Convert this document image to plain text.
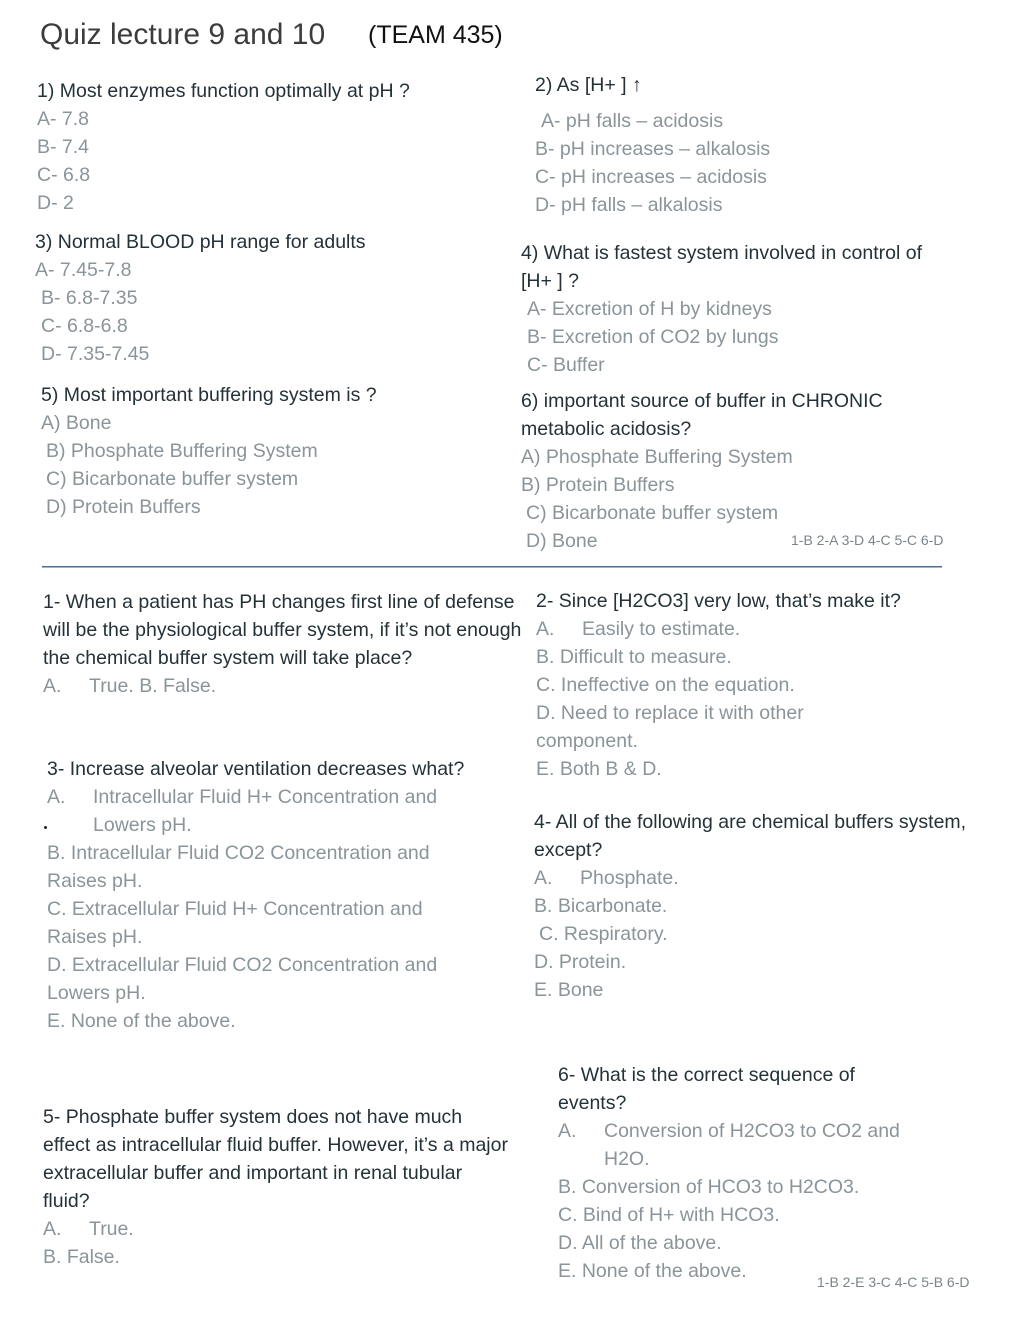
Quiz lecture 9 and 10 (TEAM 435)

1) Most enzymes function optimally at pH ?

A- 7.8

B- 7.4

C- 6.8

D- 2

2) As [H+ ] ↑

A- pH falls – acidosis

B- pH increases – alkalosis

C- pH increases – acidosis

D- pH falls – alkalosis

3) Normal BLOOD pH range for adults

A- 7.45-7.8

B- 6.8-7.35

C- 6.8-6.8

D- 7.35-7.45

4) What is fastest system involved in control of

[H+ ] ?

A- Excretion of H by kidneys

B- Excretion of CO2 by lungs

C- Buffer

5) Most important buffering system is ?

A) Bone

B) Phosphate Buffering System

C) Bicarbonate buffer system

D) Protein Buffers

6) important source of buffer in CHRONIC

metabolic acidosis?

A) Phosphate Buffering System

B) Protein Buffers

C) Bicarbonate buffer system

D) Bone	1-B 2-A 3-D 4-C 5-C 6-D

1- When a patient has PH changes first line of defense will be the physiological buffer system, if it’s not enough the chemical buffer system will take place?

A.	True. B. False.

2- Since [H2CO3] very low, that’s make it?

A.	Easily to estimate.

B. Difficult to measure.

C. Ineffective on the equation.

D. Need to replace it with other component.

E. Both B & D.

3- Increase alveolar ventilation decreases what?

A.	Intracellular Fluid H+ Concentration and Lowers pH.

B. Intracellular Fluid CO2 Concentration and Raises pH.

C. Extracellular Fluid H+ Concentration and Raises pH.

D. Extracellular Fluid CO2 Concentration and Lowers pH.

E. None of the above.

4- All of the following are chemical buffers system, except?

A.	Phosphate.

B. Bicarbonate.

C. Respiratory.

D. Protein.

E. Bone

6- What is the correct sequence of events?

A.	Conversion of H2CO3 to CO2 and H2O.

B. Conversion of HCO3 to H2CO3.

C. Bind of H+ with HCO3.

D. All of the above.

E. None of the above.

5- Phosphate buffer system does not have much effect as intracellular fluid buffer. However, it’s a major extracellular buffer and important in renal tubular fluid?

A.	True.

B. False.

1-B 2-E 3-C 4-C 5-B 6-D
